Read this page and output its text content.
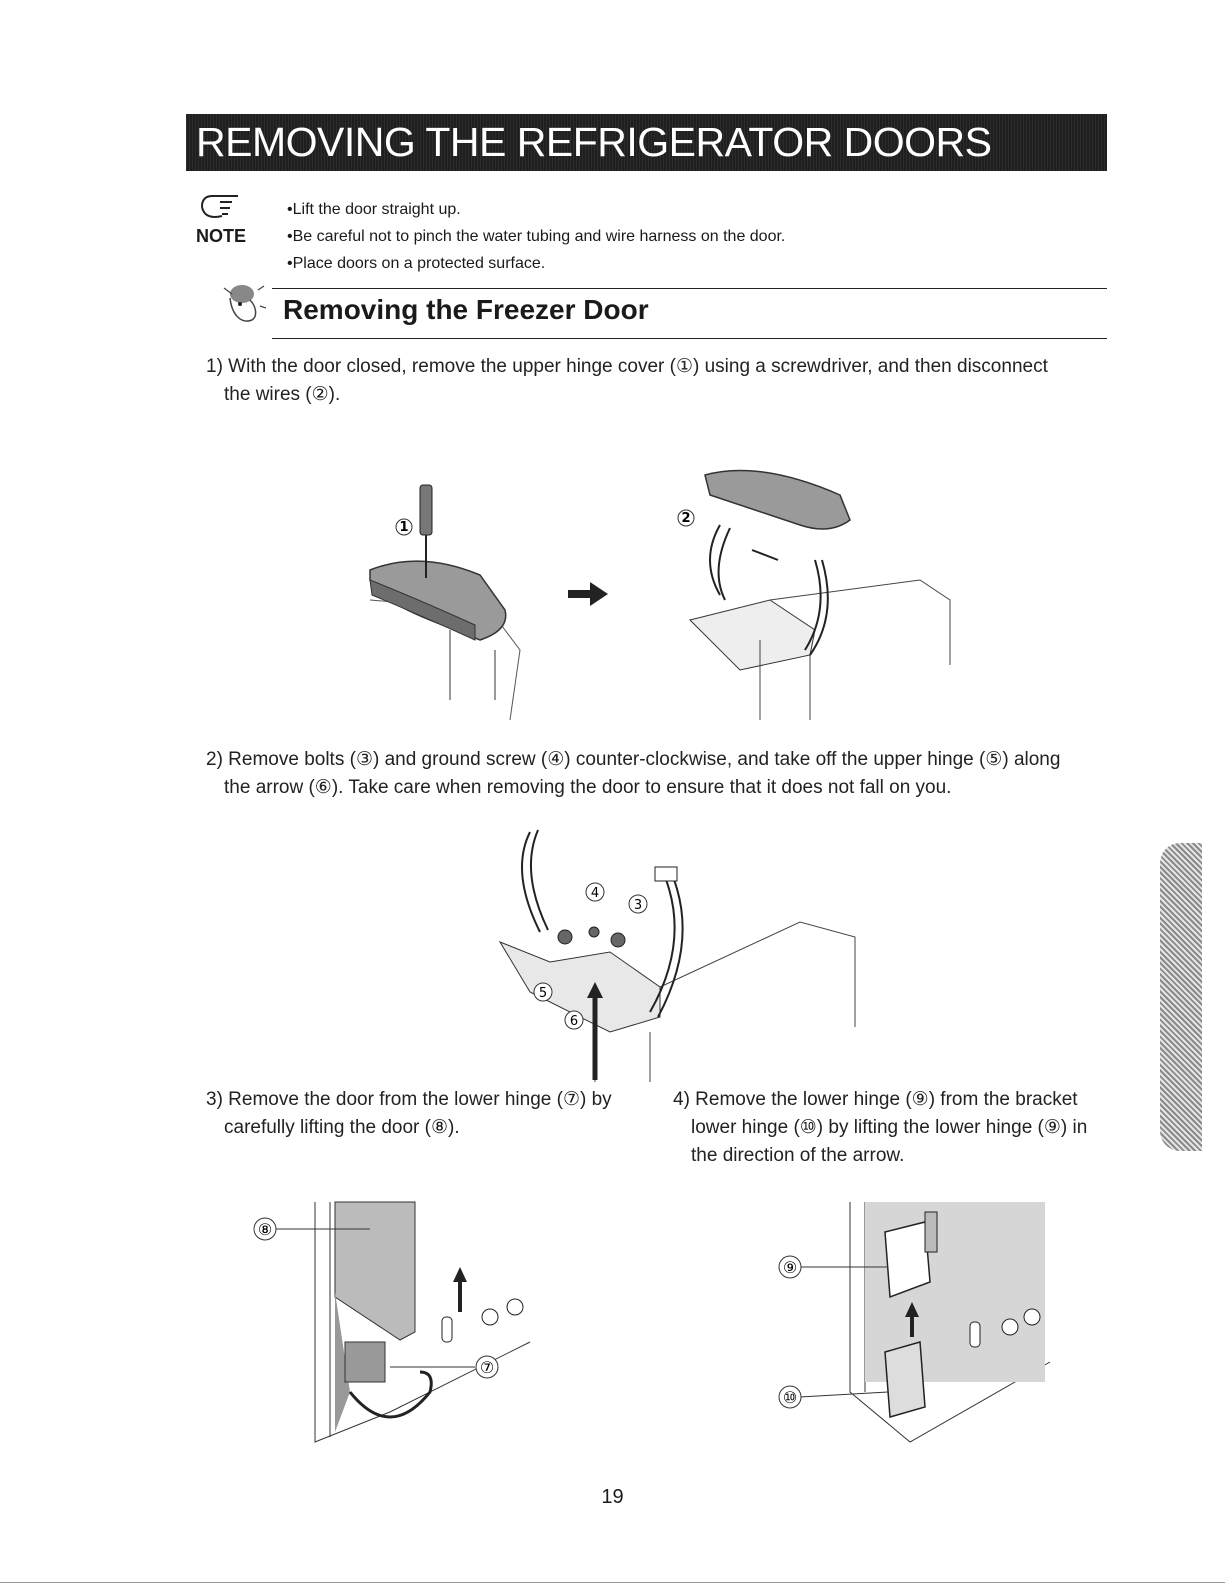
REMOVING THE REFRIGERATOR DOORS
NOTE
• Lift the door straight up.
• Be careful not to pinch the water tubing and wire harness on the door.
• Place doors on a protected surface.
Removing the Freezer Door
1) With the door closed, remove the upper hinge cover (①) using a screwdriver, and then disconnect
the wires (②).
1
2
2) Remove bolts (③) and ground screw (④) counter-clockwise, and take off the upper hinge (⑤) along
the arrow (⑥). Take care when removing the door to ensure that it does not fall on you.
4
3
5
6
3) Remove the door from the lower hinge (⑦) by
carefully lifting the door (⑧).
4) Remove the lower hinge (⑨) from the bracket
lower hinge (⑩) by lifting the lower hinge (⑨) in
the direction of the arrow.
⑧
⑦
⑨
⑩
19
